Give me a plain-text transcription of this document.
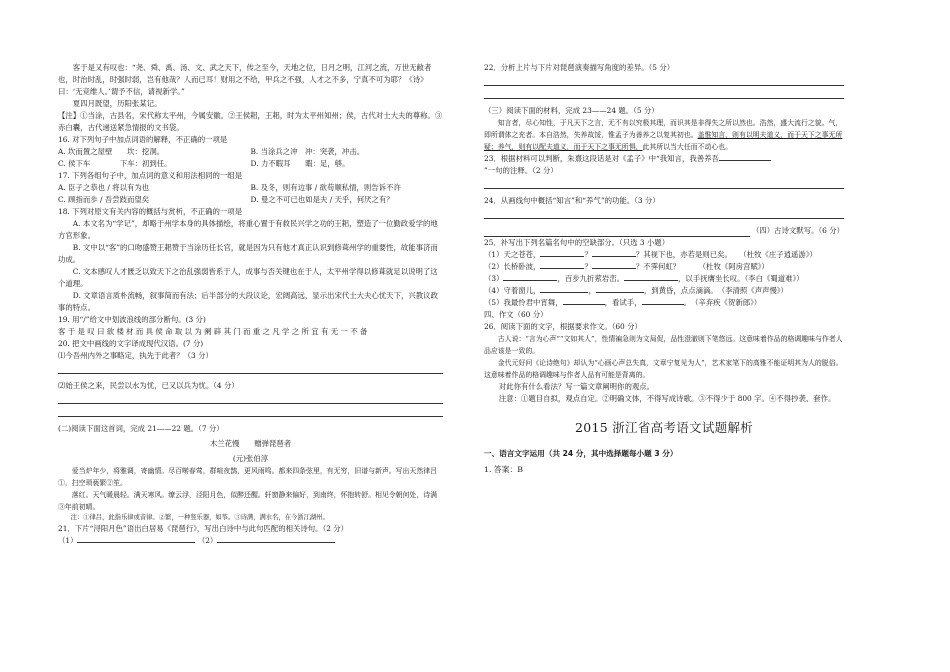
客于是又有叹也：“尧、舜、禹、汤、文、武之天下，传之至今，天地之位，日月之明，江河之流，万世无敝者也，时治时乱，时强时弱，岂有他哉？人而已耳！财用之不给，甲兵之不强，人才之不多，宁真不可为耶？《诗》曰：‘无竞维人。’谓予不信，请视新学。”

夏四月既望，历阳张某记。

【注】①当涂，古县名，宋代称太平州，今属安徽。②王侯耜，王耜，时为太平州知州；侯，古代对士大夫的尊称。③赤白囊，古代递送紧急情报的文书袋。

16. 对下列句子中加点词语的解释，不正确的一项是

A. 坎而置之屋壁　　坎：挖洞。	B. 当涂兵之冲　冲：突袭，冲击。
C. 侯下车　　　　下车：初到任。	D. 力不暇耳　　暇：足，够。

17. 下列各组句子中，加点词的意义和用法相同的一组是

A. 臣子之恭也 / 将以有为也	B. 及冬，则有边事 / 欲苟顺私情，则告诉不许
C. 顾指而歩 / 吾尝跂而望矣	D. 曼之不可已也如是夫 / 天乎，何厌之有？

18. 下列对原文有关内容的概括与赏析，不正确的一项是

A. 本文名为“学记”，却略于州学本身的具体描绘，将重心置于有救民兴学之功的王耜，塑造了一位勤政爱学的地方官形象。

B. 文中以“客”的口吻盛赞王耜赞于当涂历任长官，就是因为只有他才真正认识到修葺州学的重要性，故能事济而功成。

C. 文本感叹人才匮乏以致天下之治乱强弱皆系于人，成事与否关键也在于人，太平州学得以修葺就足以说明了这个道理。

D. 文章语言质朴流畅，叙事简而有法；后半部分的大段议论，宏阔高远，显示出宋代士大夫心忧天下，兴教议政事的特点。

19. 用“/”给文中划波浪线的部分断句。(3 分)

客 于 是 叹 曰 欲 楼 材 而 具 侯 命 取 以 为 阑 辟 其 门 而 重 之 凡 学 之 所 宜 有 无 一 不 备

20. 把文中画线的文字译成现代汉语。(7 分)

⑴今吾州内外之事略定，执先于此者？（3 分）

⑵始王侯之来，民尝以水为忧，已又以兵为忧。（4 分）

(二)阅读下面这首词，完成 21——22 题。（7 分）

木兰花慢　　赠弹琵琶者

(元)张伯淳

爱当炉年少，将雅调，寄幽情。尽百啭春莺，群喧夜鹊，更风雨鸣。都来四条弦里，有无穷，旧谱与新声。写出天然律吕①，扫空琐亵繁②笙。

落红。天气暖晨轻。满天寒风。缭云浮，泾阳月色，似醉还醒。轩窗静来偏好，到南终，怀抱转舒。相见令朝何处，诗满③年前初晴。

注：①律吕，此指乐律或音律。②繁，一种竖乐器，如筝。③诗满，满水名，在今浙江湖州。

21．下片“浔阳月色”语出白居易《琵琶行》，写出白诗中与此句匹配的相关诗句。（2 分）

（1）	（2）

22．分析上片与下片对琵琶演奏描写角度的差异。（5 分）

（三）阅读下面的材料，完成 23——24 题。（5 分）

知言者，尽心知性，于凡天下之言，无不有以究极其理，而识其是非得失之所以然也。浩然，盛大流行之貌。气，即所谓体之充者。本自浩然，失养故馁，惟孟子为善养之以复其初也。盖惟知言，则有以明夫道义，而于天下之事无所疑；养气，则有以配夫道义，而于天下之事无所惧，此其所以当大任而不动心也。

23．根据材料可以判断，朱熹这段话是对《孟子》中“我知言，我善养吾”一句的注释。（2 分）

24．从画线句中概括“知言”和“养气”的功能。（3 分）

（四）古诗文默写。（6 分）

25．补写出下列名篇名句中的空缺部分。（只选 3 小题）

（1）天之苍苍，	？	？其视下也，亦若是则已矣。　　（杜牧《庄子逍遥游》）

（2）长桥卧波，	？	？不霁何虹？　　　（杜牧《阿房宫赋》）

（3）	，百步九折萦岩峦。	，以手抚膺坐长叹。（李白《蜀道难》）

（4）守着窗儿，	，	，到黄昏，点点滴滴。　（李清照《声声慢》）

（5）我最怜君中宵舞，	，看试手，	。　（辛弃疾《贺新郎》）

四、作文（60 分）

26．阅读下面的文字，根据要求作文。（60 分）

古人说：“言为心声”“文如其人”，性情褊急则为文局促，品性澄澈则下笔悠远。这意味着作品的格调趣味与作者人品应该是一致的。

金代元好问《论诗绝句》却认为“心画心声总失真，文章宁复见为人”，艺术家笔下的高雅不能证明其为人的脱俗。这意味着作品的格调趣味与作者人品有可能是背离的。

对此你有什么看法？写一篇文章阐明你的观点。

注意：①题目自拟，观点自定。②明确文体，不得写成诗歌。③不得少于 800 字。④不得抄袭、套作。

2015 浙江省高考语文试题解析

一、语言文字运用（共 24 分，其中选择题每小题 3 分）

1. 答案：B
